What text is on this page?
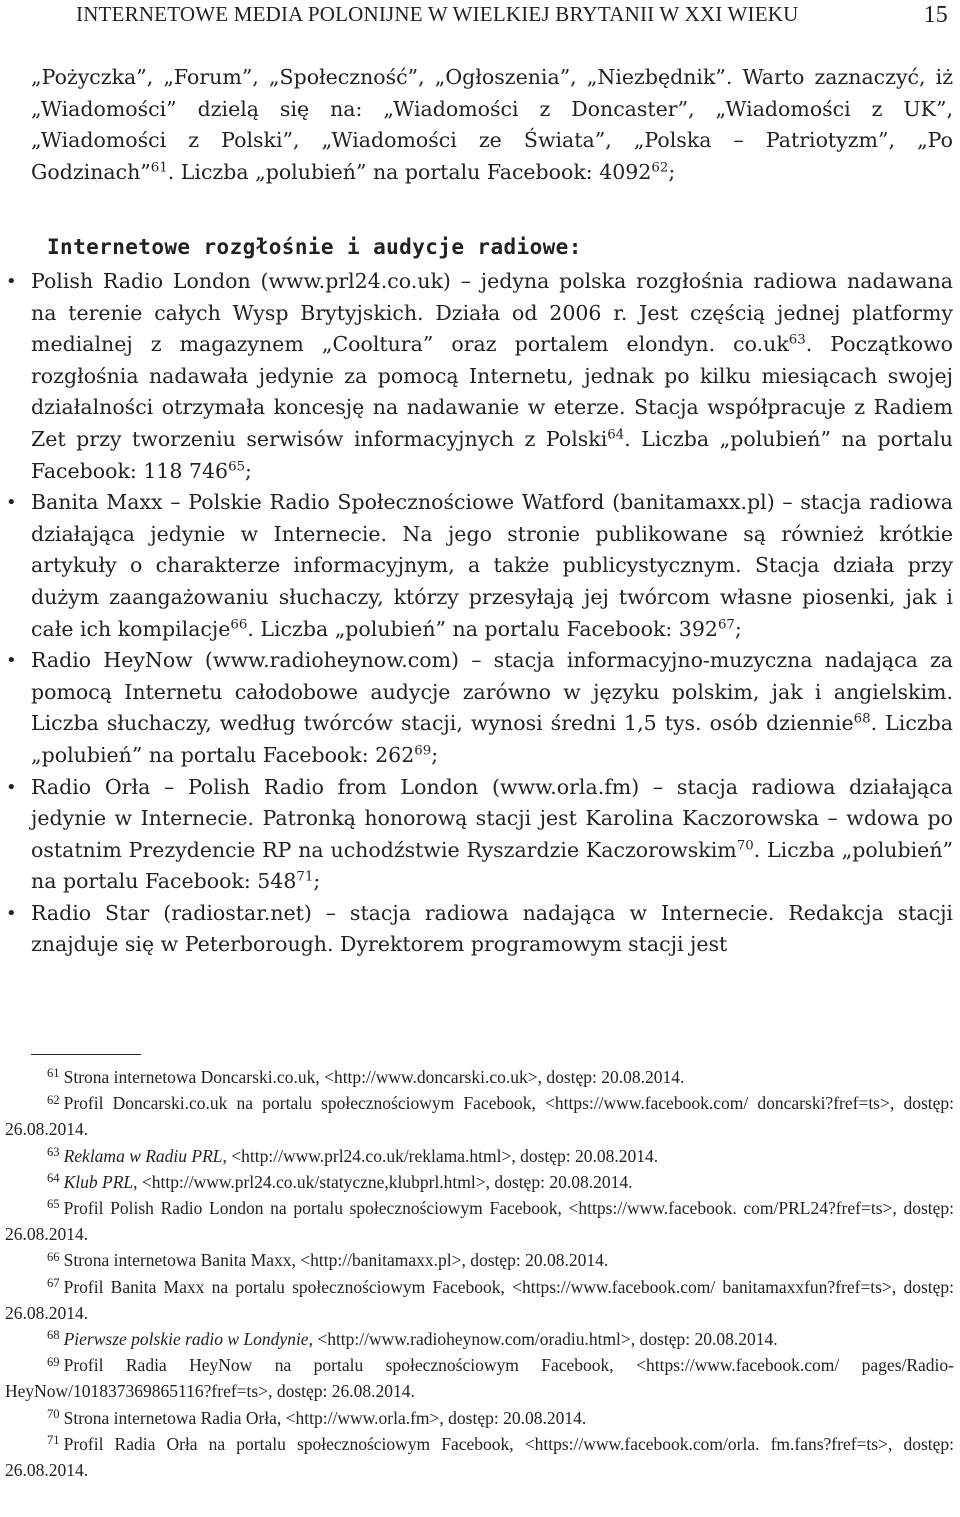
INTERNETOWE MEDIA POLONIJNE W WIELKIEJ BRYTANII W XXI WIEKU	15

„Pożyczka”, „Forum”, „Społeczność”, „Ogłoszenia”, „Niezbędnik”. Warto zaznaczyć, iż „Wiadomości” dzielą się na: „Wiadomości z Doncaster”, „Wiadomości z UK”, „Wiadomości z Polski”, „Wiadomości ze Świata”, „Polska – Patriotyzm”, „Po Godzinach”$^{61}$. Liczba „polubień” na portalu Facebook: 4092$^{62}$;

Internetowe rozgłośnie i audycje radiowe:
• Polish Radio London (www.prl24.co.uk) – jedyna polska rozgłośnia radiowa nadawana na terenie całych Wysp Brytyjskich. Działa od 2006 r. Jest częścią jednej platformy medialnej z magazynem „Cooltura” oraz portalem elondyn. $co.uk^{63}$. Początkowo rozgłośnia nadawała jedynie za pomocą Internetu, jednak po kilku miesiącach swojej działalności otrzymała koncesję na nadawanie w eterze. Stacja współpracuje z Radiem Zet przy tworzeniu serwisów informacyjnych z Polski$^{64}$. Liczba „polubień” na portalu Facebook: 118 $746^{65}$;
• Banita Maxx – Polskie Radio Społecznościowe Watford (banitamaxx.pl) – stacja radiowa działająca jedynie w Internecie. Na jego stronie publikowane są również krótkie artykuły o charakterze informacyjnym, a także publicystycznym. Stacja działa przy dużym zaangażowaniu słuchaczy, którzy przesyłają jej twórcom własne piosenki, jak i całe ich kompilacje$^{66}$. Liczba „polubień” na portalu Facebook: $392^{67}$;
• Radio HeyNow (www.radioheynow.com) – stacja informacyjno-muzyczna nadająca za pomocą Internetu całodobowe audycje zarówno w języku polskim, jak i angielskim. Liczba słuchaczy, według twórców stacji, wynosi średni 1,5 tys. osób dziennie$^{68}$. Liczba „polubień” na portalu Facebook: $262^{69}$;
• Radio Orła – Polish Radio from London (www.orla.fm) – stacja radiowa działająca jedynie w Internecie. Patronką honorową stacji jest Karolina Kaczorowska – wdowa po ostatnim Prezydencie RP na uchodźstwie Ryszardzie Kaczorowskim$^{70}$. Liczba „polubień” na portalu Facebook: $548^{71}$;
• Radio Star (radiostar.net) – stacja radiowa nadająca w Internecie. Redakcja stacji znajduje się w Peterborough. Dyrektorem programowym stacji jest

$^{61}$ Strona internetowa Doncarski.co.uk, <http://www.doncarski.co.uk>, dostęp: 20.08.2014.

$^{62}$ Profil Doncarski.co.uk na portalu społecznościowym Facebook, <https://www.facebook.com/ doncarski?fref=ts>, dostęp: 26.08.2014.

$^{63}$ Reklama w Radiu PRL, <http://www.prl24.co.uk/reklama.html>, dostęp: 20.08.2014.

$^{64}$ Klub PRL, <http://www.prl24.co.uk/statyczne,klubprl.html>, dostęp: 20.08.2014.

$^{65}$ Profil Polish Radio London na portalu społecznościowym Facebook, <https://www.facebook. com/PRL24?fref=ts>, dostęp: 26.08.2014.

$^{66}$ Strona internetowa Banita Maxx, <http://banitamaxx.pl>, dostęp: 20.08.2014.

$^{67}$ Profil Banita Maxx na portalu społecznościowym Facebook, <https://www.facebook.com/ banitamaxxfun?fref=ts>, dostęp: 26.08.2014.

$^{68}$ Pierwsze polskie radio w Londynie, <http://www.radioheynow.com/oradiu.html>, dostęp: 20.08.2014.

$^{69}$ Profil Radia HeyNow na portalu społecznościowym Facebook, <https://www.facebook.com/ pages/Radio-HeyNow/101837369865116?fref=ts>, dostęp: 26.08.2014.

$^{70}$ Strona internetowa Radia Orła, <http://www.orla.fm>, dostęp: 20.08.2014.

$^{71}$ Profil Radia Orła na portalu społecznościowym Facebook, <https://www.facebook.com/orla. fm.fans?fref=ts>, dostęp: 26.08.2014.
